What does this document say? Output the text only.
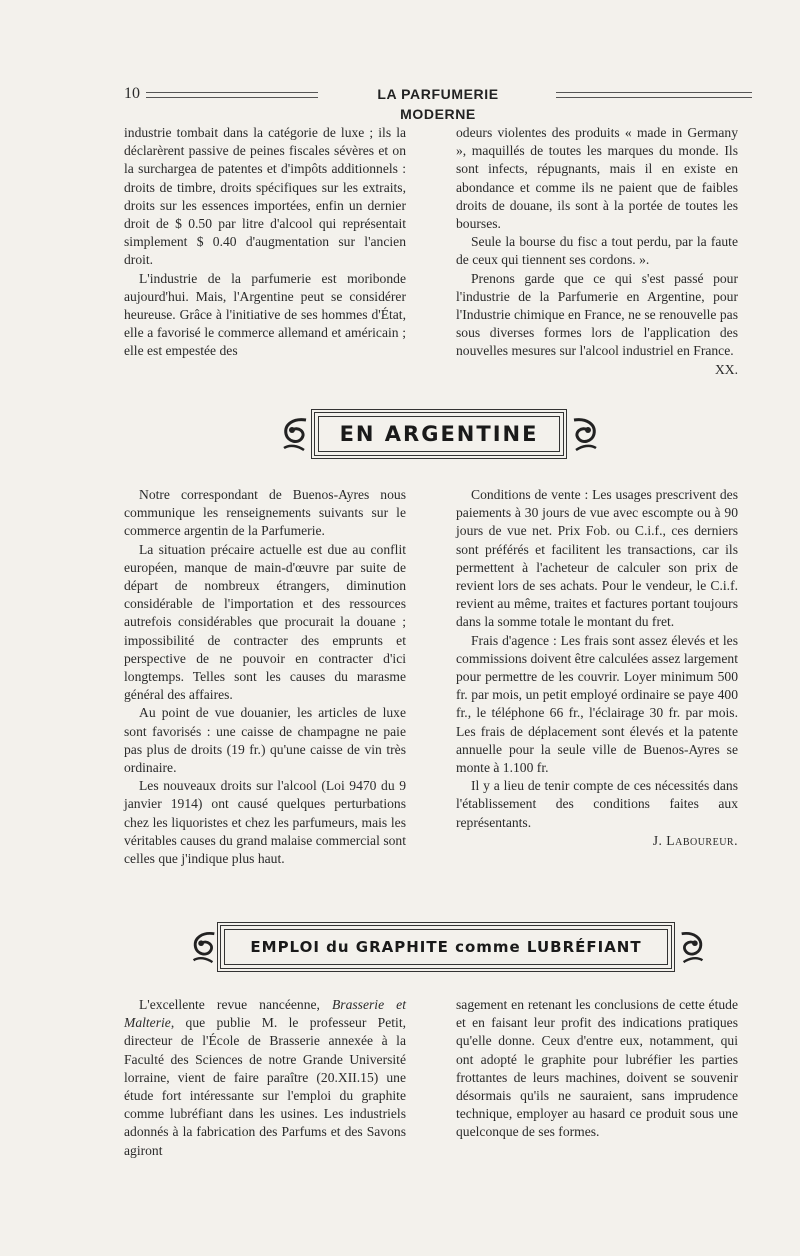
10	LA PARFUMERIE MODERNE

industrie tombait dans la catégorie de luxe ; ils la déclarèrent passive de peines fiscales sévères et on la surchargea de patentes et d'impôts additionnels : droits de timbre, droits spécifiques sur les extraits, droits sur les essences importées, enfin un dernier droit de $ 0.50 par litre d'alcool qui représentait simplement $ 0.40 d'augmentation sur l'ancien droit.

L'industrie de la parfumerie est moribonde aujourd'hui. Mais, l'Argentine peut se considérer heureuse. Grâce à l'initiative de ses hommes d'État, elle a favorisé le commerce allemand et américain ; elle est empestée des

odeurs violentes des produits « made in Germany », maquillés de toutes les marques du monde. Ils sont infects, répugnants, mais il en existe en abondance et comme ils ne paient que de faibles droits de douane, ils sont à la portée de toutes les bourses.

Seule la bourse du fisc a tout perdu, par la faute de ceux qui tiennent ses cordons. ».

Prenons garde que ce qui s'est passé pour l'industrie de la Parfumerie en Argentine, pour l'Industrie chimique en France, ne se renouvelle pas sous diverses formes lors de l'application des nouvelles mesures sur l'alcool industriel en France.
XX.

EN ARGENTINE

Notre correspondant de Buenos-Ayres nous communique les renseignements suivants sur le commerce argentin de la Parfumerie.

La situation précaire actuelle est due au conflit européen, manque de main-d'œuvre par suite de départ de nombreux étrangers, diminution considérable de l'importation et des ressources autrefois considérables que procurait la douane ; impossibilité de contracter des emprunts et perspective de ne pouvoir en contracter d'ici longtemps. Telles sont les causes du marasme général des affaires.

Au point de vue douanier, les articles de luxe sont favorisés : une caisse de champagne ne paie pas plus de droits (19 fr.) qu'une caisse de vin très ordinaire.

Les nouveaux droits sur l'alcool (Loi 9470 du 9 janvier 1914) ont causé quelques perturbations chez les liquoristes et chez les parfumeurs, mais les véritables causes du grand malaise commercial sont celles que j'indique plus haut.

Conditions de vente : Les usages prescrivent des paiements à 30 jours de vue avec escompte ou à 90 jours de vue net. Prix Fob. ou C.i.f., ces derniers sont préférés et facilitent les transactions, car ils permettent à l'acheteur de calculer son prix de revient lors de ses achats. Pour le vendeur, le C.i.f. revient au même, traites et factures portant toujours dans la somme totale le montant du fret.

Frais d'agence : Les frais sont assez élevés et les commissions doivent être calculées assez largement pour permettre de les couvrir. Loyer minimum 500 fr. par mois, un petit employé ordinaire se paye 400 fr., le téléphone 66 fr., l'éclairage 30 fr. par mois. Les frais de déplacement sont élevés et la patente annuelle pour la seule ville de Buenos-Ayres se monte à 1.100 fr.

Il y a lieu de tenir compte de ces nécessités dans l'établissement des conditions faites aux représentants.

J. Laboureur.

EMPLOI du GRAPHITE comme LUBRÉFIANT

L'excellente revue nancéenne, Brasserie et Malterie, que publie M. le professeur Petit, directeur de l'École de Brasserie annexée à la Faculté des Sciences de notre Grande Université lorraine, vient de faire paraître (20.XII.15) une étude fort intéressante sur l'emploi du graphite comme lubréfiant dans les usines. Les industriels adonnés à la fabrication des Parfums et des Savons agiront

sagement en retenant les conclusions de cette étude et en faisant leur profit des indications pratiques qu'elle donne. Ceux d'entre eux, notamment, qui ont adopté le graphite pour lubréfier les parties frottantes de leurs machines, doivent se souvenir désormais qu'ils ne sauraient, sans imprudence technique, employer au hasard ce produit sous une quelconque de ses formes.
